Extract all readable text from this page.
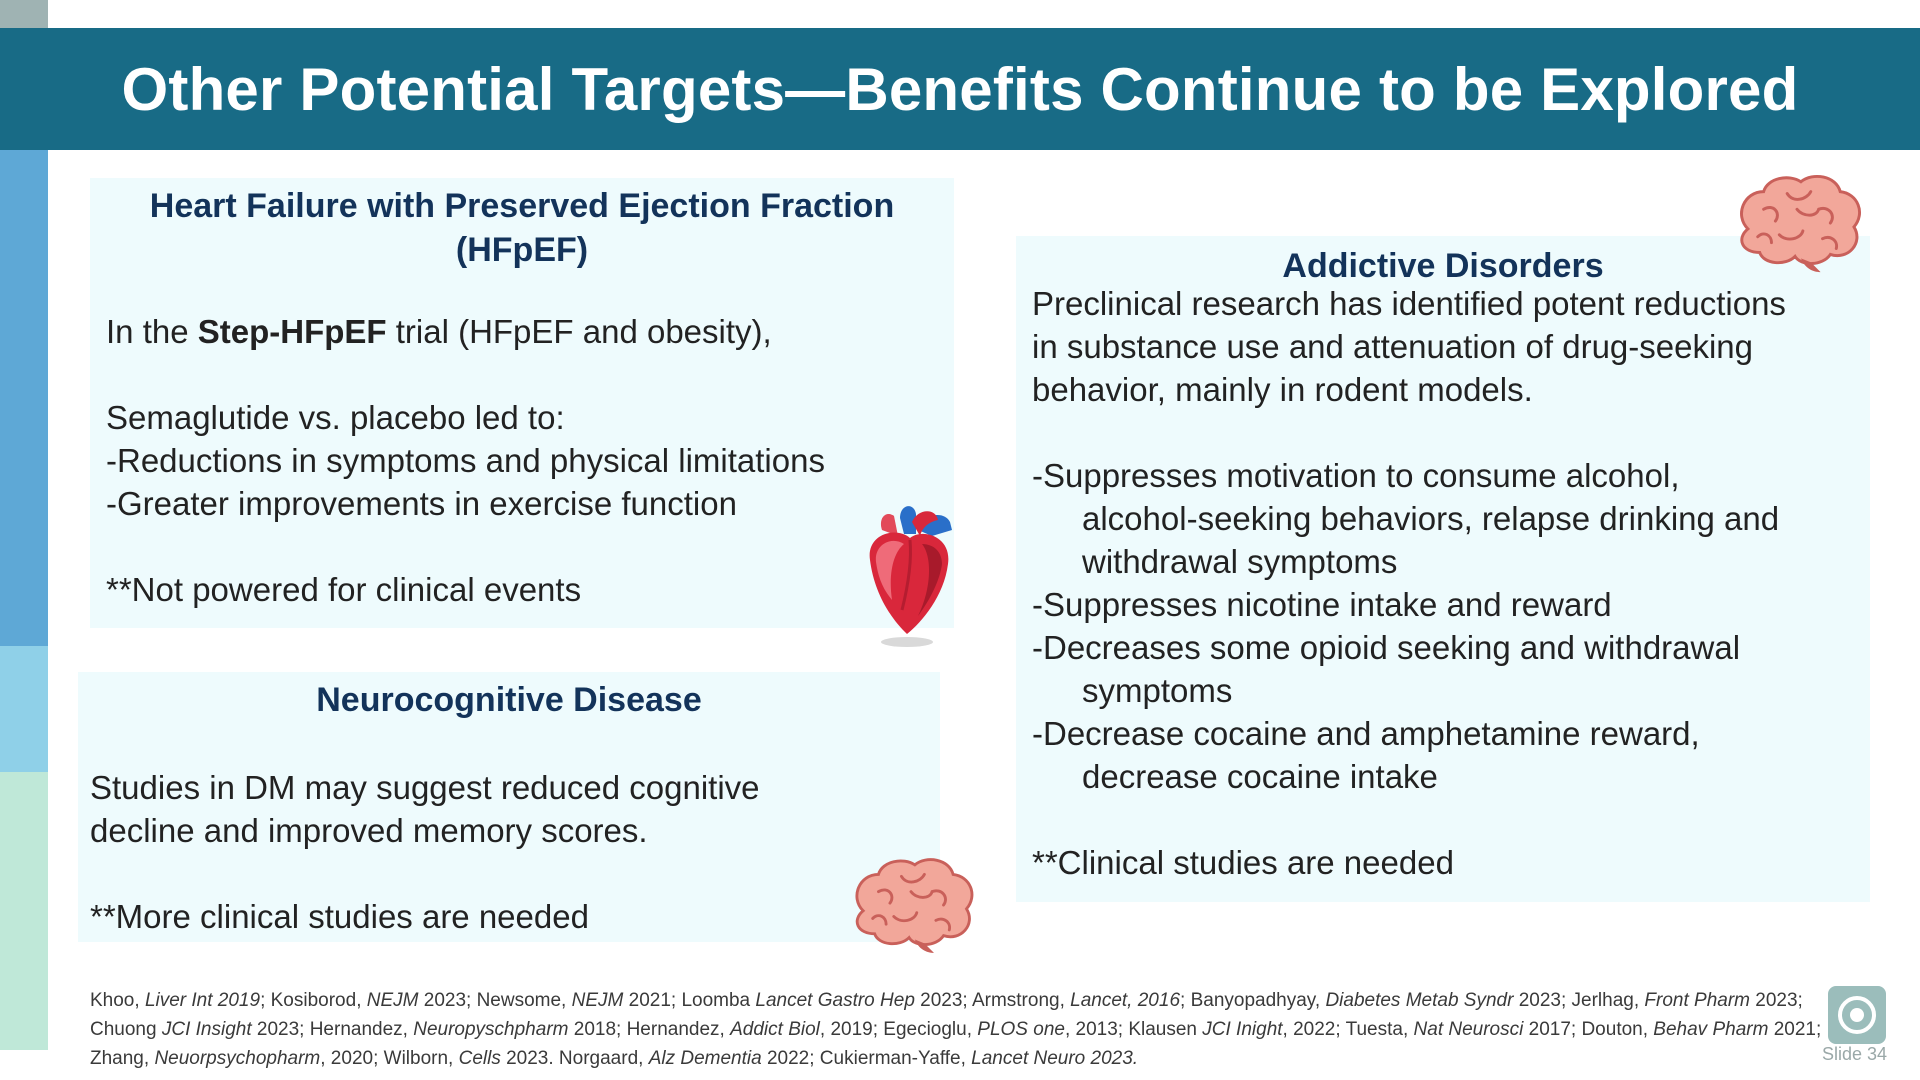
Other Potential Targets—Benefits Continue to be Explored
Heart Failure with Preserved Ejection Fraction (HFpEF)

In the Step-HFpEF trial (HFpEF and obesity),

Semaglutide vs. placebo led to:

-Reductions in symptoms and physical limitations

-Greater improvements in exercise function

**Not powered for clinical events

Neurocognitive Disease

Studies in DM may suggest reduced cognitive

decline and improved memory scores.

**More clinical studies are needed

Addictive Disorders

Preclinical research has identified potent reductions

in substance use and attenuation of drug-seeking

behavior, mainly in rodent models.

-Suppresses motivation to consume alcohol,

alcohol-seeking behaviors, relapse drinking and

withdrawal symptoms

-Suppresses nicotine intake and reward

-Decreases some opioid seeking and withdrawal

symptoms

-Decrease cocaine and amphetamine reward,

decrease cocaine intake

**Clinical studies are needed

Khoo, Liver Int 2019; Kosiborod, NEJM 2023; Newsome, NEJM 2021; Loomba Lancet Gastro Hep 2023; Armstrong, Lancet, 2016; Banyopadhyay, Diabetes Metab Syndr 2023; Jerlhag, Front Pharm 2023; Chuong JCI Insight 2023; Hernandez, Neuropyschpharm 2018; Hernandez, Addict Biol, 2019; Egecioglu, PLOS one, 2013; Klausen JCI Inight, 2022; Tuesta, Nat Neurosci 2017; Douton, Behav Pharm 2021; Zhang, Neuorpsychopharm, 2020; Wilborn, Cells 2023. Norgaard, Alz Dementia 2022; Cukierman-Yaffe, Lancet Neuro 2023.	Slide 34
